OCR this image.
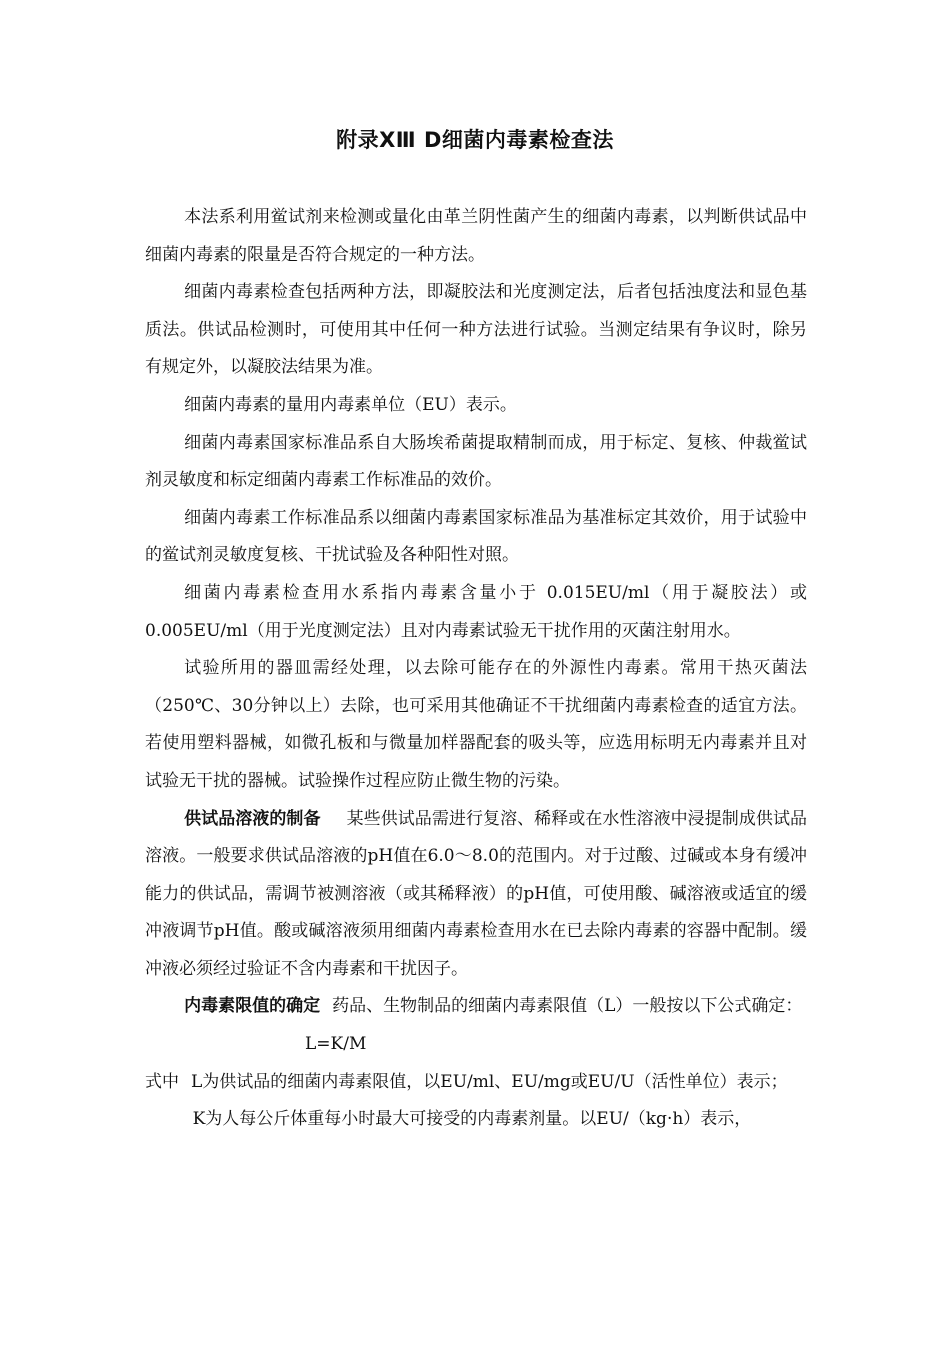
附录ⅩⅢ D细菌内毒素检查法

本法系利用鲎试剂来检测或量化由革兰阴性菌产生的细菌内毒素，以判断供试品中细菌内毒素的限量是否符合规定的一种方法。

细菌内毒素检查包括两种方法，即凝胶法和光度测定法，后者包括浊度法和显色基质法。供试品检测时，可使用其中任何一种方法进行试验。当测定结果有争议时，除另有规定外，以凝胶法结果为准。

细菌内毒素的量用内毒素单位（EU）表示。

细菌内毒素国家标准品系自大肠埃希菌提取精制而成，用于标定、复核、仲裁鲎试剂灵敏度和标定细菌内毒素工作标准品的效价。

细菌内毒素工作标准品系以细菌内毒素国家标准品为基准标定其效价，用于试验中的鲎试剂灵敏度复核、干扰试验及各种阳性对照。

细菌内毒素检查用水系指内毒素含量小于 0.015EU/ml（用于凝胶法）或0.005EU/ml（用于光度测定法）且对内毒素试验无干扰作用的灭菌注射用水。

试验所用的器皿需经处理，以去除可能存在的外源性内毒素。常用干热灭菌法（250℃、30分钟以上）去除，也可采用其他确证不干扰细菌内毒素检查的适宜方法。若使用塑料器械，如微孔板和与微量加样器配套的吸头等，应选用标明无内毒素并且对试验无干扰的器械。试验操作过程应防止微生物的污染。

供试品溶液的制备 某些供试品需进行复溶、稀释或在水性溶液中浸提制成供试品溶液。一般要求供试品溶液的pH值在6.0～8.0的范围内。对于过酸、过碱或本身有缓冲能力的供试品，需调节被测溶液（或其稀释液）的pH值，可使用酸、碱溶液或适宜的缓冲液调节pH值。酸或碱溶液须用细菌内毒素检查用水在已去除内毒素的容器中配制。缓冲液必须经过验证不含内毒素和干扰因子。

内毒素限值的确定 药品、生物制品的细菌内毒素限值（L）一般按以下公式确定：

L=K/M

式中 L为供试品的细菌内毒素限值，以EU/ml、EU/mg或EU/U（活性单位）表示；

K为人每公斤体重每小时最大可接受的内毒素剂量。以EU/（kg·h）表示，
